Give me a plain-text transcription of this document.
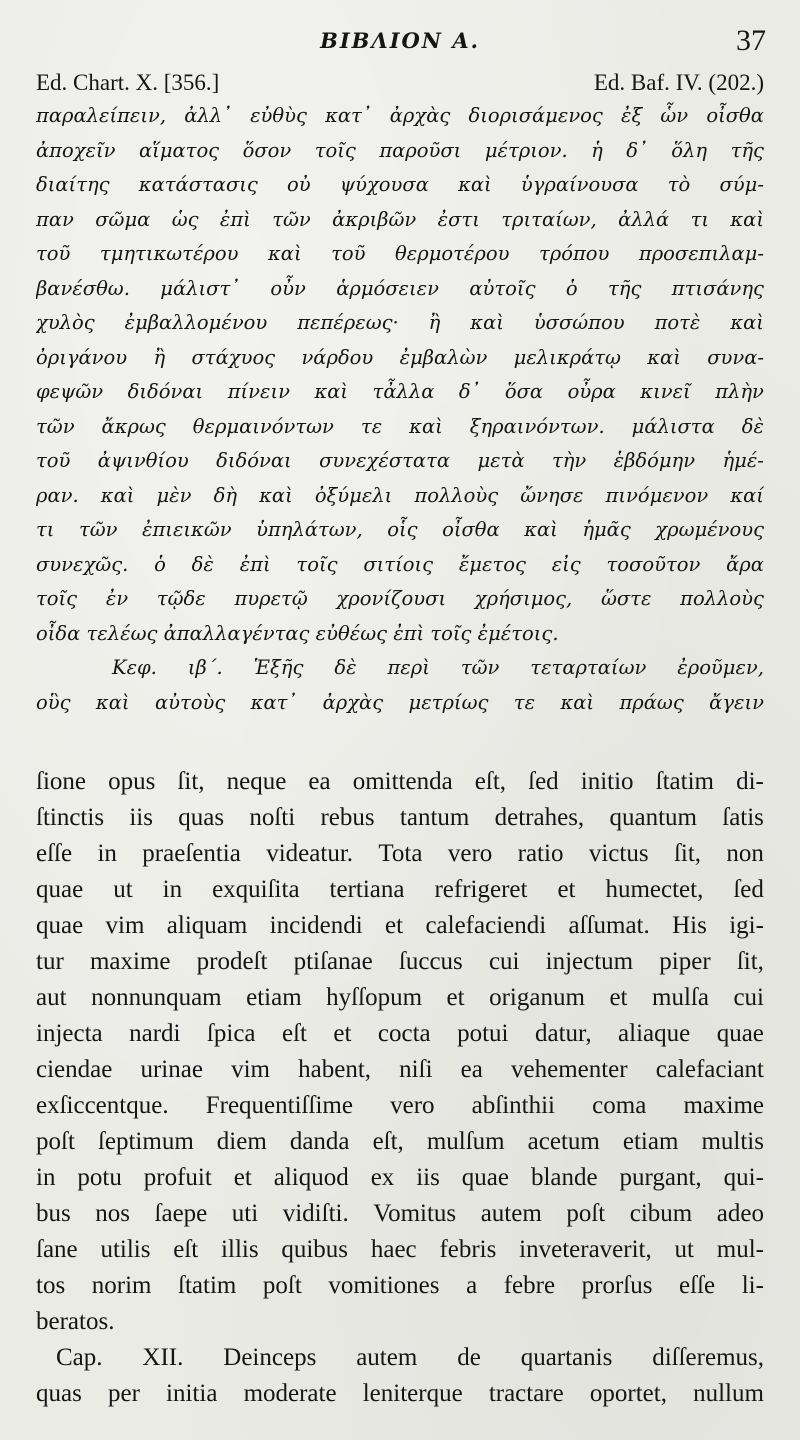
ΒΙΒΛΙΟΝ Α.	37
Ed. Chart. X. [356.]	Ed. Baf. IV. (202.)
παραλείπειν, ἀλλ᾽ εὐθὺς κατ᾽ ἀρχὰς διορισάμενος ἐξ ὧν οἶσθα
ἀποχεῖν αἵματος ὅσον τοῖς παροῦσι μέτριον. ἡ δ᾽ ὅλη τῆς
διαίτης κατάστασις οὐ ψύχουσα καὶ ὑγραίνουσα τὸ σύμ-
παν σῶμα ὡς ἐπὶ τῶν ἀκριβῶν ἐστι τριταίων, ἀλλά τι καὶ
τοῦ τμητικωτέρου καὶ τοῦ θερμοτέρου τρόπου προσεπιλαμ-
βανέσθω. μάλιστ᾽ οὖν ἁρμόσειεν αὐτοῖς ὁ τῆς πτισάνης
χυλὸς ἐμβαλλομένου πεπέρεως· ἢ καὶ ὑσσώπου ποτὲ καὶ
ὀριγάνου ἢ στάχυος νάρδου ἐμβαλὼν μελικράτῳ καὶ συνα-
φεψῶν διδόναι πίνειν καὶ τἆλλα δ᾽ ὅσα οὖρα κινεῖ πλὴν
τῶν ἄκρως θερμαινόντων τε καὶ ξηραινόντων. μάλιστα δὲ
τοῦ ἀψινθίου διδόναι συνεχέστατα μετὰ τὴν ἑβδόμην ἡμέ-
ραν. καὶ μὲν δὴ καὶ ὀξύμελι πολλοὺς ὤνησε πινόμενον καί
τι τῶν ἐπιεικῶν ὑπηλάτων, οἷς οἶσθα καὶ ἡμᾶς χρωμένους
συνεχῶς. ὁ δὲ ἐπὶ τοῖς σιτίοις ἔμετος εἰς τοσοῦτον ἄρα
τοῖς ἐν τῷδε πυρετῷ χρονίζουσι χρήσιμος, ὥστε πολλοὺς
οἶδα τελέως ἀπαλλαγέντας εὐθέως ἐπὶ τοῖς ἐμέτοις.
Κεφ. ιβ΄. Ἑξῆς δὲ περὶ τῶν τεταρταίων ἐροῦμεν,
οὓς καὶ αὐτοὺς κατ᾽ ἀρχὰς μετρίως τε καὶ πράως ἄγειν
ſione opus ſit, neque ea omittenda eſt, ſed initio ſtatim di-
ſtinctis iis quas noſti rebus tantum detrahes, quantum ſatis
eſſe in praeſentia videatur. Tota vero ratio victus ſit, non
quae ut in exquiſita tertiana refrigeret et humectet, ſed
quae vim aliquam incidendi et calefaciendi aſſumat. His igi-
tur maxime prodeſt ptiſanae ſuccus cui injectum piper ſit,
aut nonnunquam etiam hyſſopum et origanum et mulſa cui
injecta nardi ſpica eſt et cocta potui datur, aliaque quae
ciendae urinae vim habent, niſi ea vehementer calefaciant
exſiccentque. Frequentiſſime vero abſinthii coma maxime
poſt ſeptimum diem danda eſt, mulſum acetum etiam multis
in potu profuit et aliquod ex iis quae blande purgant, qui-
bus nos ſaepe uti vidiſti. Vomitus autem poſt cibum adeo
ſane utilis eſt illis quibus haec febris inveteraverit, ut mul-
tos norim ſtatim poſt vomitiones a febre prorſus eſſe li-
beratos.
Cap. XII. Deinceps autem de quartanis diſſeremus,
quas per initia moderate leniterque tractare oportet, nullum
